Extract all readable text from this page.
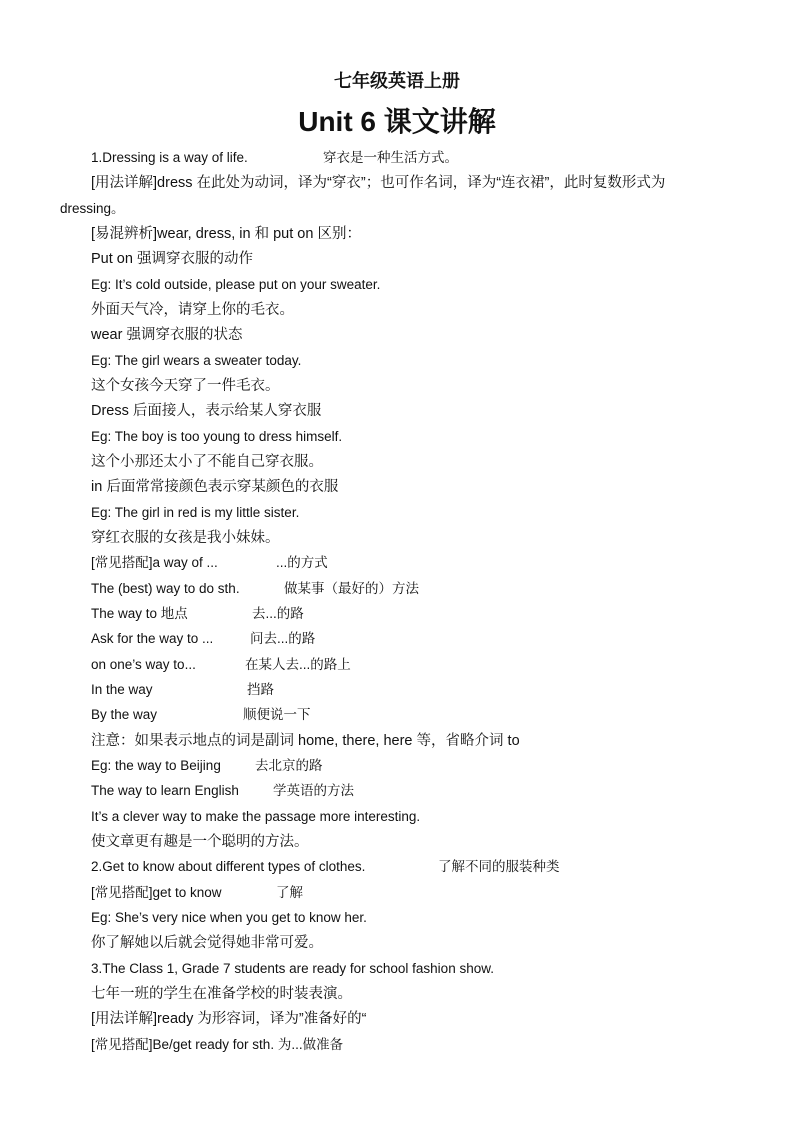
七年级英语上册
Unit 6 课文讲解
1.Dressing is a way of life.	穿衣是一种生活方式。
[用法详解]dress 在此处为动词，译为“穿衣”；也可作名词，译为“连衣裙”，此时复数形式为
dressing。
[易混辨析]wear, dress, in 和 put on 区别：
Put on 强调穿衣服的动作
Eg: It’s cold outside, please put on your sweater.
外面天气冷，请穿上你的毛衣。
wear 强调穿衣服的状态
Eg: The girl wears a sweater today.
这个女孩今天穿了一件毛衣。
Dress 后面接人，表示给某人穿衣服
Eg: The boy is too young to dress himself.
这个小那还太小了不能自己穿衣服。
in 后面常常接颜色表示穿某颜色的衣服
Eg: The girl in red is my little sister.
穿红衣服的女孩是我小妹妹。
[常见搭配]a way of ...	...的方式
The (best) way to do sth.	做某事（最好的）方法
The way to 地点	去...的路
Ask for the way to ...	问去...的路
on one’s way to...	在某人去...的路上
In the way	挡路
By the way	顺便说一下
注意：如果表示地点的词是副词 home, there, here 等，省略介词 to
Eg: the way to Beijing	去北京的路
The way to learn English	学英语的方法
It’s a clever way to make the passage more interesting.
使文章更有趣是一个聪明的方法。
2.Get to know about different types of clothes.	了解不同的服装种类
[常见搭配]get to know	了解
Eg: She’s very nice when you get to know her.
你了解她以后就会觉得她非常可爱。
3.The Class 1, Grade 7 students are ready for school fashion show.
七年一班的学生在准备学校的时装表演。
[用法详解]ready 为形容词，译为”准备好的“
[常见搭配]Be/get ready for sth. 为...做准备
